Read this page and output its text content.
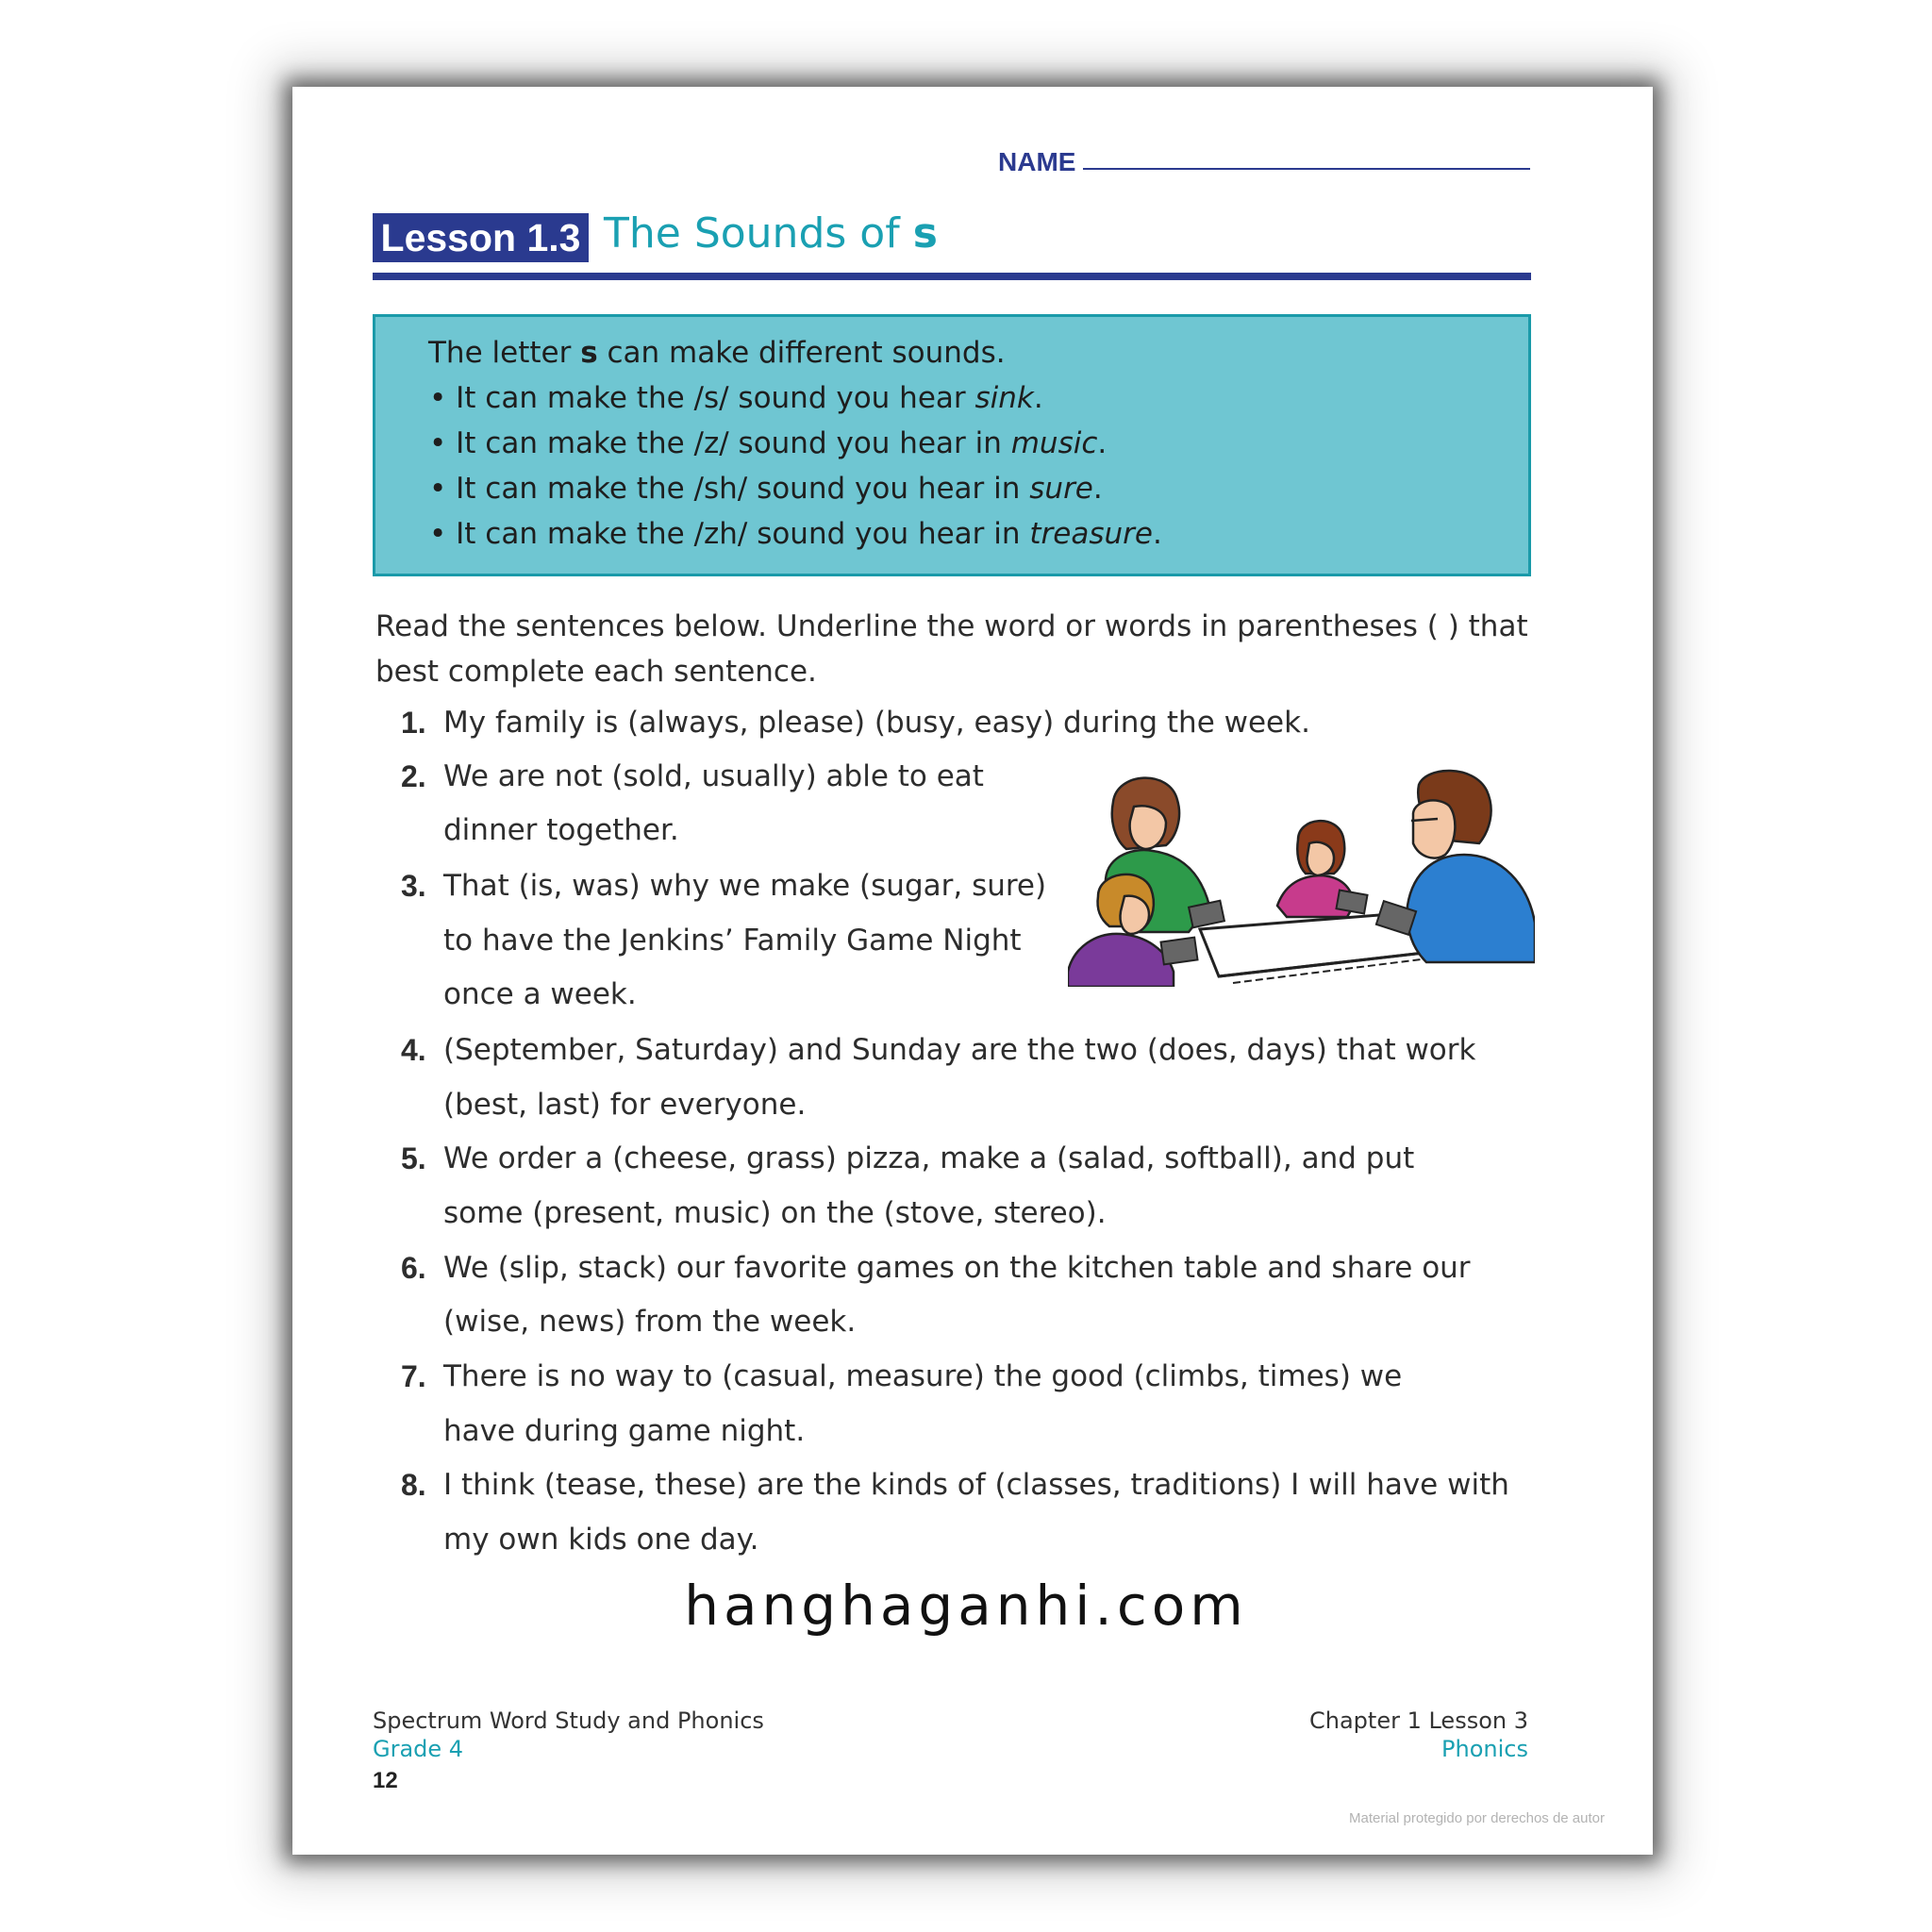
NAME
Lesson 1.3 The Sounds of s
The letter s can make different sounds.
• It can make the /s/ sound you hear sink.
• It can make the /z/ sound you hear in music.
• It can make the /sh/ sound you hear in sure.
• It can make the /zh/ sound you hear in treasure.
Read the sentences below. Underline the word or words in parentheses ( ) that best complete each sentence.
1. My family is (always, please) (busy, easy) during the week.
2. We are not (sold, usually) able to eat
dinner together.
3. That (is, was) why we make (sugar, sure)
to have the Jenkins’ Family Game Night
once a week.
4. (September, Saturday) and Sunday are the two (does, days) that work
(best, last) for everyone.
5. We order a (cheese, grass) pizza, make a (salad, softball), and put
some (present, music) on the (stove, stereo).
6. We (slip, stack) our favorite games on the kitchen table and share our
(wise, news) from the week.
7. There is no way to (casual, measure) the good (climbs, times) we
have during game night.
8. I think (tease, these) are the kinds of (classes, traditions) I will have with
my own kids one day.
hanghaganhi.com
Spectrum Word Study and Phonics
Grade 4
12
Chapter 1 Lesson 3
Phonics
Material protegido por derechos de autor
